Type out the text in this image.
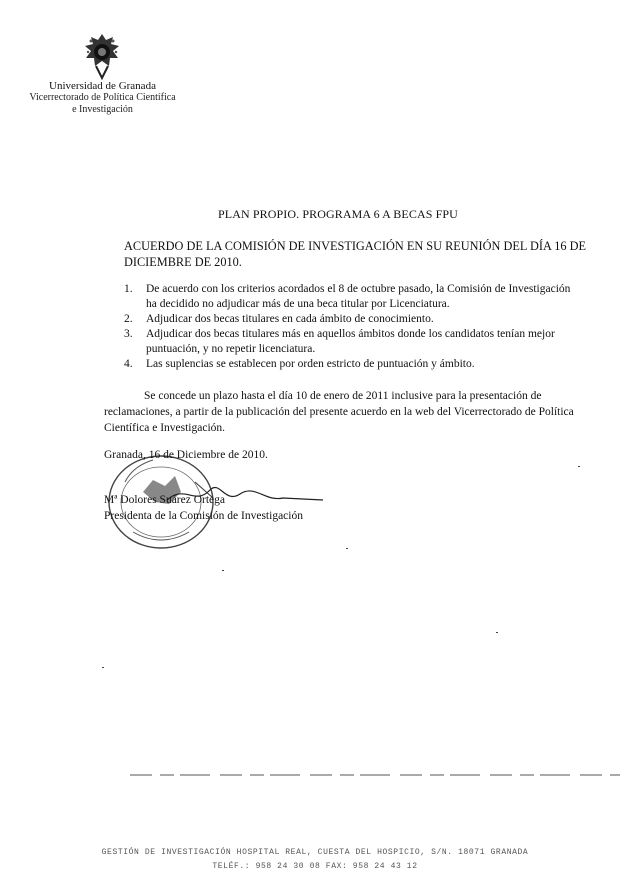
Universidad de Granada
Vicerrectorado de Política Científica
e Investigación
PLAN PROPIO. PROGRAMA 6 A BECAS FPU
ACUERDO DE LA COMISIÓN DE INVESTIGACIÓN EN SU REUNIÓN DEL DÍA 16 DE DICIEMBRE DE 2010.
1. De acuerdo con los criterios acordados el 8 de octubre pasado, la Comisión de Investigación ha decidido no adjudicar más de una beca titular por Licenciatura.
2. Adjudicar dos becas titulares en cada ámbito de conocimiento.
3. Adjudicar dos becas titulares más en aquellos ámbitos donde los candidatos tenían mejor puntuación, y no repetir licenciatura.
4. Las suplencias se establecen por orden estricto de puntuación y ámbito.
Se concede un plazo hasta el día 10 de enero de 2011 inclusive para la presentación de reclamaciones, a partir de la publicación del presente acuerdo en la web del Vicerrectorado de Política Científica e Investigación.
Granada, 16 de Diciembre de 2010.
Mª Dolores Suárez Ortega
Presidenta de la Comisión de Investigación
GESTIÓN DE INVESTIGACIÓN HOSPITAL REAL, CUESTA DEL HOSPICIO, S/N. 18071 GRANADA
TELÉF.: 958 24 30 08 FAX: 958 24 43 12
